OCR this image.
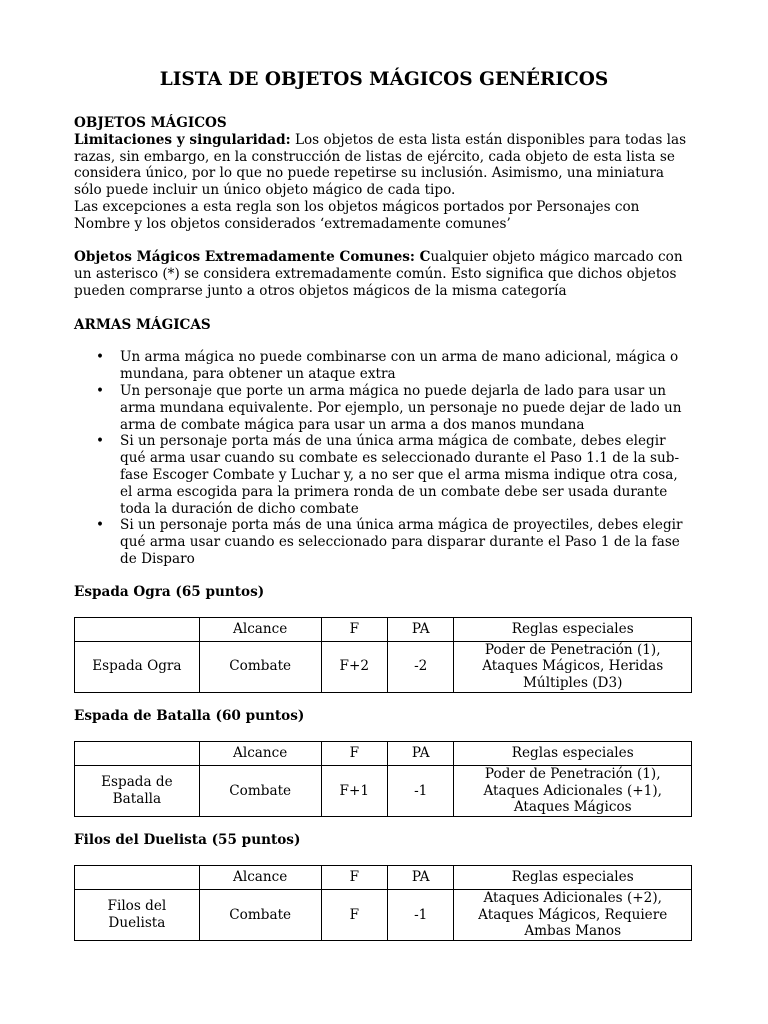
LISTA DE OBJETOS MÁGICOS GENÉRICOS

OBJETOS MÁGICOS

Limitaciones y singularidad: Los objetos de esta lista están disponibles para todas las razas, sin embargo, en la construcción de listas de ejército, cada objeto de esta lista se considera único, por lo que no puede repetirse su inclusión. Asimismo, una miniatura sólo puede incluir un único objeto mágico de cada tipo.

Las excepciones a esta regla son los objetos mágicos portados por Personajes con Nombre y los objetos considerados ‘extremadamente comunes’

Objetos Mágicos Extremadamente Comunes: Cualquier objeto mágico marcado con un asterisco (*) se considera extremadamente común. Esto significa que dichos objetos pueden comprarse junto a otros objetos mágicos de la misma categoría

ARMAS MÁGICAS

• Un arma mágica no puede combinarse con un arma de mano adicional, mágica o mundana, para obtener un ataque extra
• Un personaje que porte un arma mágica no puede dejarla de lado para usar un arma mundana equivalente. Por ejemplo, un personaje no puede dejar de lado un arma de combate mágica para usar un arma a dos manos mundana
• Si un personaje porta más de una única arma mágica de combate, debes elegir qué arma usar cuando su combate es seleccionado durante el Paso 1.1 de la sub-fase Escoger Combate y Luchar y, a no ser que el arma misma indique otra cosa, el arma escogida para la primera ronda de un combate debe ser usada durante toda la duración de dicho combate
• Si un personaje porta más de una única arma mágica de proyectiles, debes elegir qué arma usar cuando es seleccionado para disparar durante el Paso 1 de la fase de Disparo

Espada Ogra (65 puntos)

	Alcance	F	PA	Reglas especiales
Espada Ogra	Combate	F+2	-2	Poder de Penetración (1), Ataques Mágicos, Heridas Múltiples (D3)

Espada de Batalla (60 puntos)

	Alcance	F	PA	Reglas especiales
Espada de Batalla	Combate	F+1	-1	Poder de Penetración (1), Ataques Adicionales (+1), Ataques Mágicos

Filos del Duelista (55 puntos)

	Alcance	F	PA	Reglas especiales
Filos del Duelista	Combate	F	-1	Ataques Adicionales (+2), Ataques Mágicos, Requiere Ambas Manos
